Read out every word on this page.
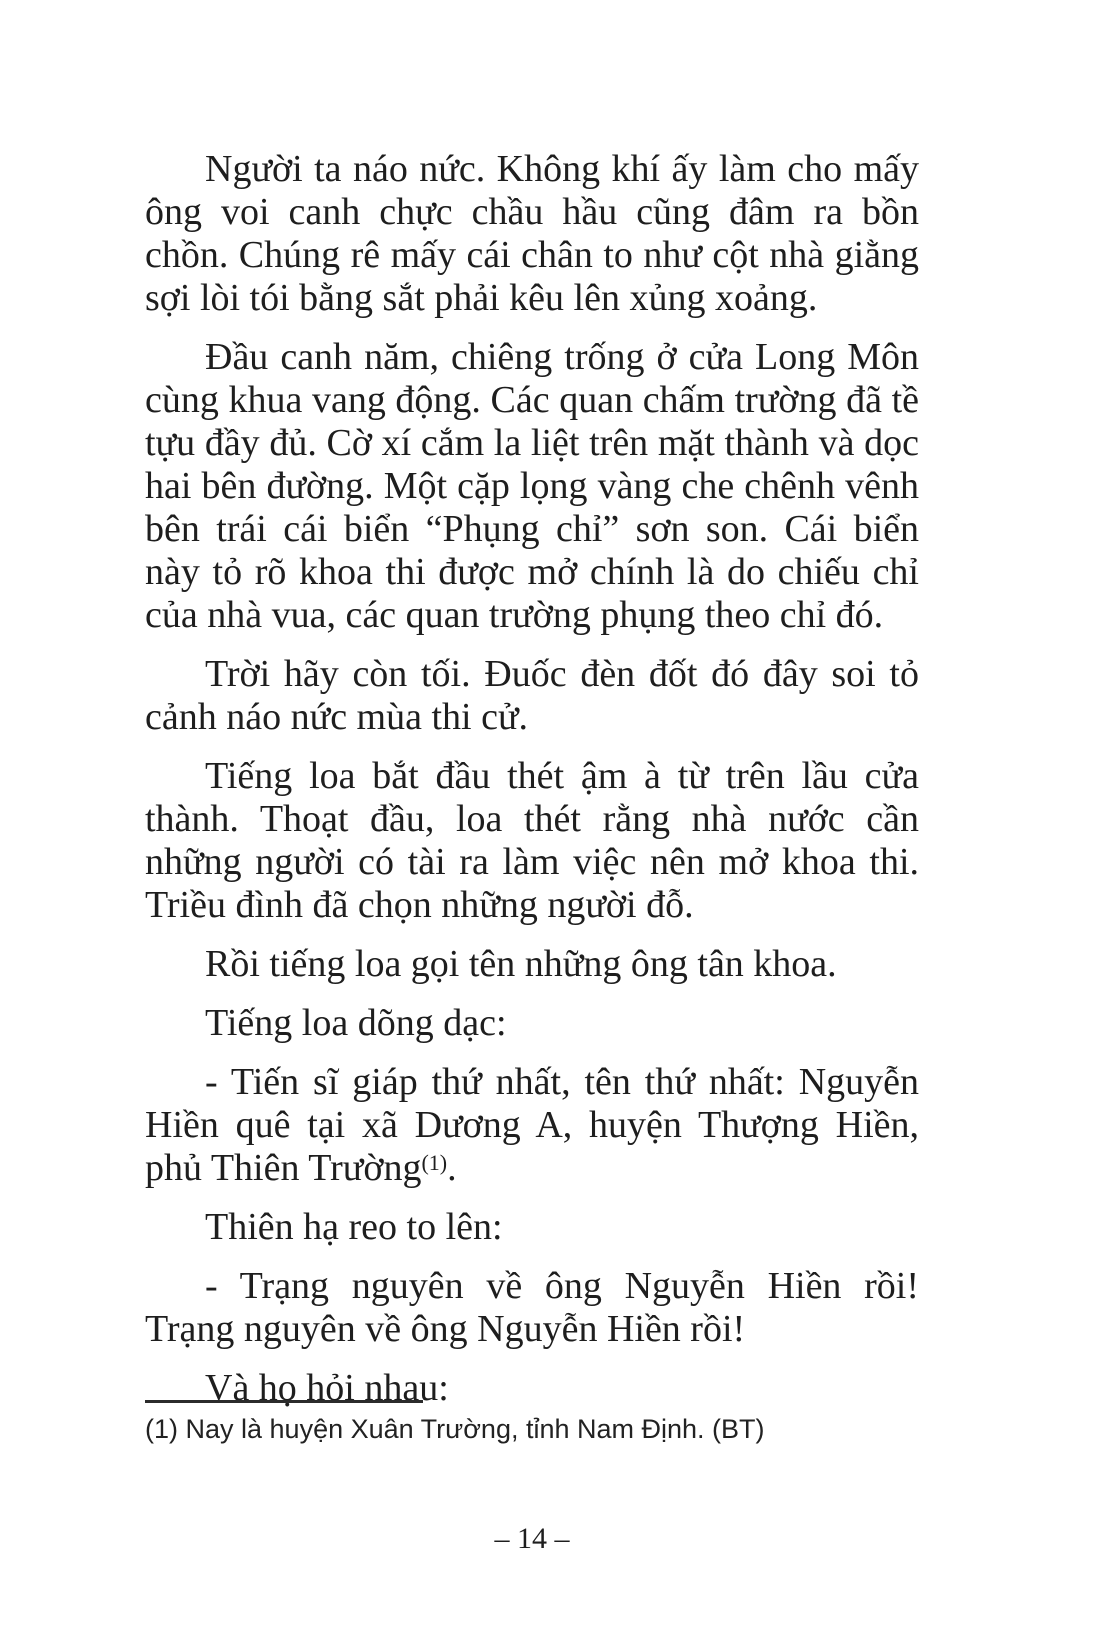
Người ta náo nức. Không khí ấy làm cho mấy ông voi canh chực chầu hầu cũng đâm ra bồn chồn. Chúng rê mấy cái chân to như cột nhà giằng sợi lòi tói bằng sắt phải kêu lên xủng xoảng.

Đầu canh năm, chiêng trống ở cửa Long Môn cùng khua vang động. Các quan chấm trường đã tề tựu đầy đủ. Cờ xí cắm la liệt trên mặt thành và dọc hai bên đường. Một cặp lọng vàng che chênh vênh bên trái cái biển “Phụng chỉ” sơn son. Cái biển này tỏ rõ khoa thi được mở chính là do chiếu chỉ của nhà vua, các quan trường phụng theo chỉ đó.

Trời hãy còn tối. Đuốc đèn đốt đó đây soi tỏ cảnh náo nức mùa thi cử.

Tiếng loa bắt đầu thét ậm à từ trên lầu cửa thành. Thoạt đầu, loa thét rằng nhà nước cần những người có tài ra làm việc nên mở khoa thi. Triều đình đã chọn những người đỗ.

Rồi tiếng loa gọi tên những ông tân khoa.

Tiếng loa dõng dạc:

- Tiến sĩ giáp thứ nhất, tên thứ nhất: Nguyễn Hiền quê tại xã Dương A, huyện Thượng Hiền, phủ Thiên Trường$^{(1)}$.

Thiên hạ reo to lên:

- Trạng nguyên về ông Nguyễn Hiền rồi! Trạng nguyên về ông Nguyễn Hiền rồi!

Và họ hỏi nhau:

(1) Nay là huyện Xuân Trường, tỉnh Nam Định. (BT)

– 14 –
